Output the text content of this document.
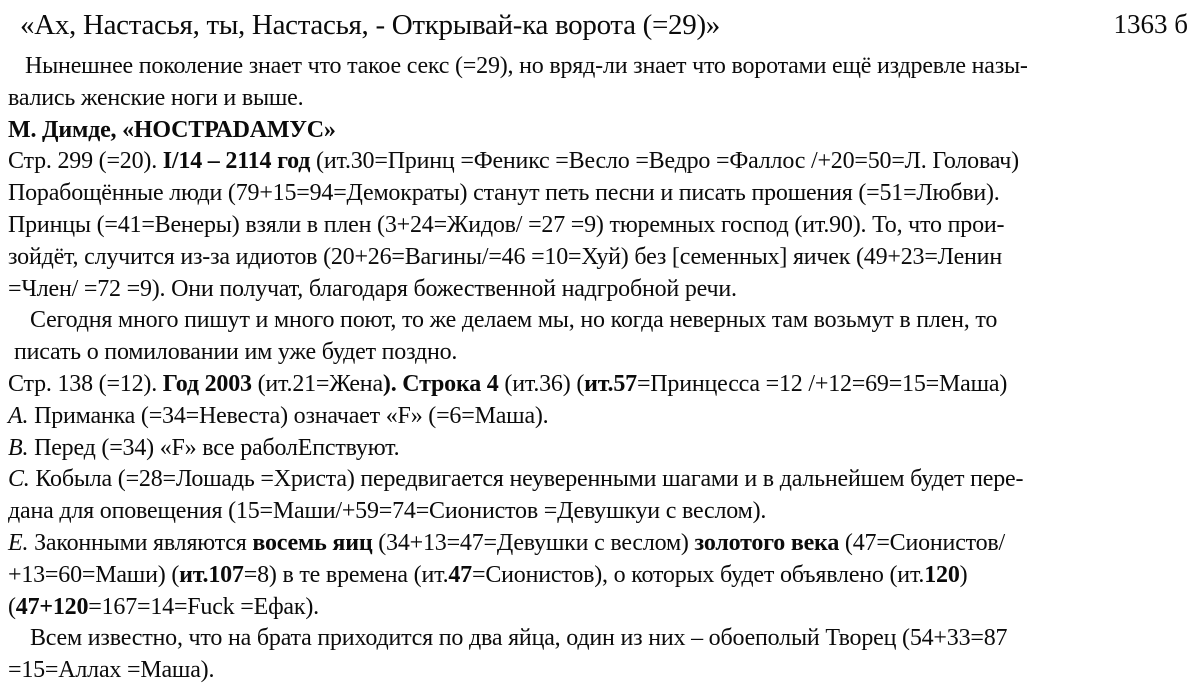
«Ах, Настасья, ты, Настасья, - Открывай-ка ворота (=29)»	1363 б
Нынешнее поколение знает что такое секс (=29), но вряд-ли знает что воротами ещё издревле назы-
вались женские ноги и выше.
М. Димде, «НОСТРАDАМУС»
Стр. 299 (=20). I/14 – 2114 год (ит.30=Принц =Феникс =Весло =Ведро =Фаллос /+20=50=Л. Головач)
Порабощённые люди (79+15=94=Демократы) станут петь песни и писать прошения (=51=Любви).
Принцы (=41=Венеры) взяли в плен (3+24=Жидов/ =27 =9) тюремных господ (ит.90). То, что прои-
зойдёт, случится из-за идиотов (20+26=Вагины/=46 =10=Хуй) без [семенных] яичек (49+23=Ленин
=Член/ =72 =9). Они получат, благодаря божественной надгробной речи.
Сегодня много пишут и много поют, то же делаем мы, но когда неверных там возьмут в плен, то
писать о помиловании им уже будет поздно.
Стр. 138 (=12). Год 2003 (ит.21=Жена). Строка 4 (ит.36) (ит.57=Принцесса =12 /+12=69=15=Маша)
А. Приманка (=34=Невеста) означает «F» (=6=Маша).
В. Перед (=34) «F» все раболЕпствуют.
С. Кобыла (=28=Лошадь =Христа) передвигается неуверенными шагами и в дальнейшем будет пере-
дана для оповещения (15=Маши/+59=74=Сионистов =Девушкуи с веслом).
Е. Законными являются восемь яиц (34+13=47=Девушки с веслом) золотого века (47=Сионистов/
+13=60=Маши) (ит.107=8) в те времена (ит.47=Сионистов), о которых будет объявлено (ит.120)
(47+120=167=14=Fuck =Ефак).
Всем известно, что на брата приходится по два яйца, один из них – обоеполый Творец (54+33=87
=15=Аллах =Маша).
